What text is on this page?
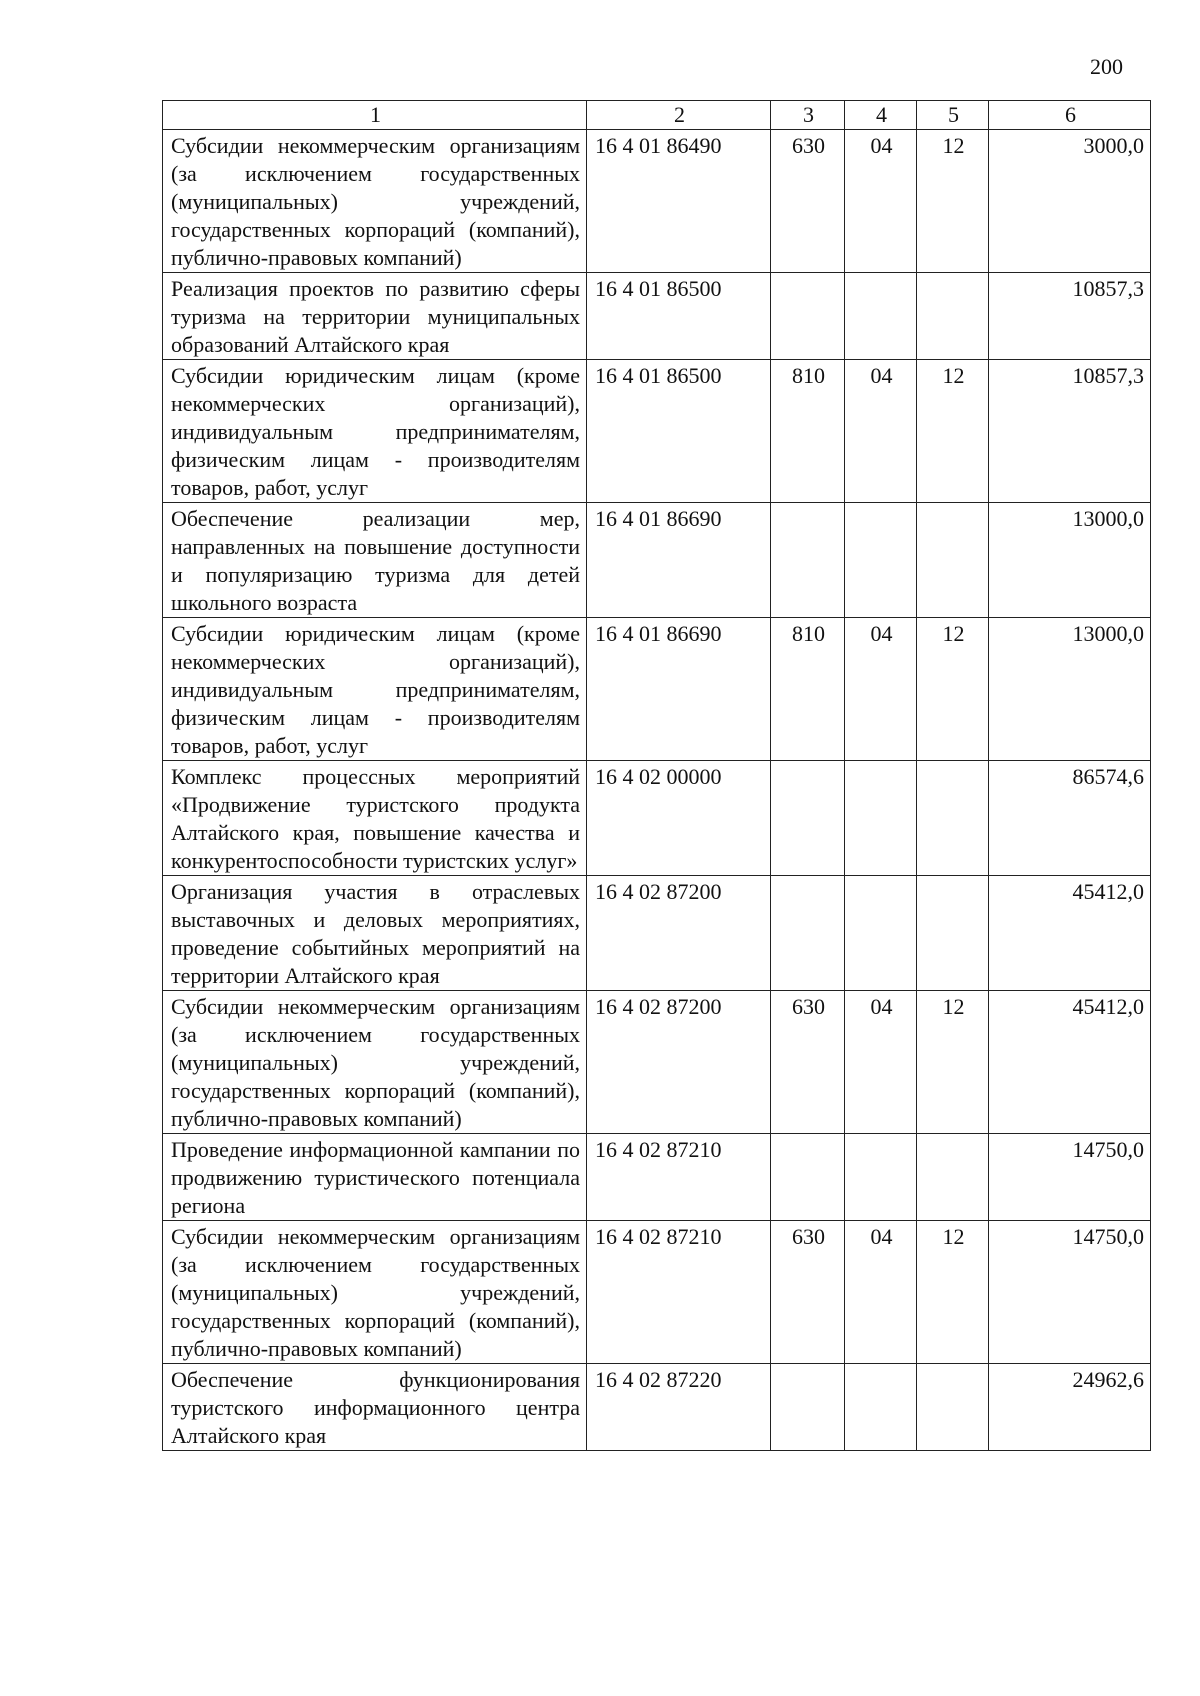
200
1	2	3	4	5	6
Субсидии некоммерческим организациям (за исключением государственных (муниципальных) учреждений, государственных корпораций (компаний), публично-правовых компаний)	16 4 01 86490	630	04	12	3000,0
Реализация проектов по развитию сферы туризма на территории муниципальных образований Алтайского края	16 4 01 86500				10857,3
Субсидии юридическим лицам (кроме некоммерческих организаций), индивидуальным предпринимателям, физическим лицам - производителям товаров, работ, услуг	16 4 01 86500	810	04	12	10857,3
Обеспечение реализации мер, направленных на повышение доступности и популяризацию туризма для детей школьного возраста	16 4 01 86690				13000,0
Субсидии юридическим лицам (кроме некоммерческих организаций), индивидуальным предпринимателям, физическим лицам - производителям товаров, работ, услуг	16 4 01 86690	810	04	12	13000,0
Комплекс процессных мероприятий «Продвижение туристского продукта Алтайского края, повышение качества и конкурентоспособности туристских услуг»	16 4 02 00000				86574,6
Организация участия в отраслевых выставочных и деловых мероприятиях, проведение событийных мероприятий на территории Алтайского края	16 4 02 87200				45412,0
Субсидии некоммерческим организациям (за исключением государственных (муниципальных) учреждений, государственных корпораций (компаний), публично-правовых компаний)	16 4 02 87200	630	04	12	45412,0
Проведение информационной кампании по продвижению туристического потенциала региона	16 4 02 87210				14750,0
Субсидии некоммерческим организациям (за исключением государственных (муниципальных) учреждений, государственных корпораций (компаний), публично-правовых компаний)	16 4 02 87210	630	04	12	14750,0
Обеспечение функционирования туристского информационного центра Алтайского края	16 4 02 87220				24962,6
